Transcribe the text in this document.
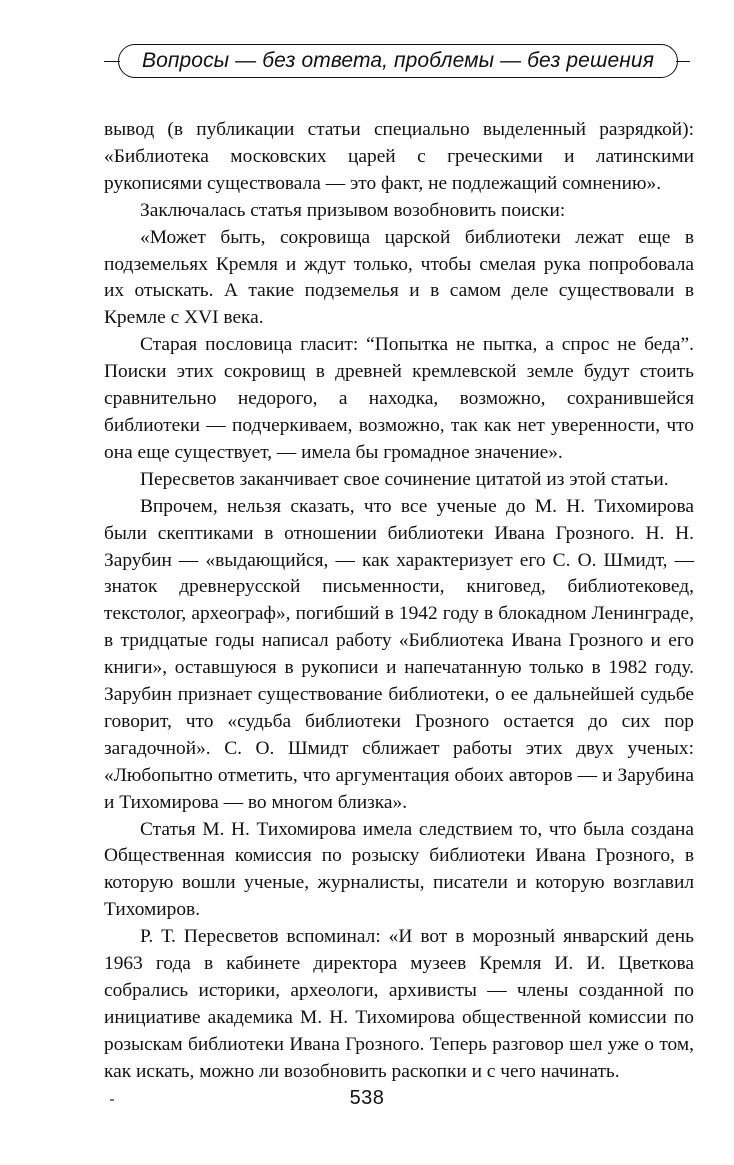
Вопросы — без ответа, проблемы — без решения

вывод (в публикации статьи специально выделенный разрядкой): «Библиотека московских царей с греческими и латинскими рукописями существовала — это факт, не подлежащий сомнению».

Заключалась статья призывом возобновить поиски:

«Может быть, сокровища царской библиотеки лежат еще в подземельях Кремля и ждут только, чтобы смелая рука попробовала их отыскать. А такие подземелья и в самом деле существовали в Кремле с XVI века.

Старая пословица гласит: “Попытка не пытка, а спрос не беда”. Поиски этих сокровищ в древней кремлевской земле будут стоить сравнительно недорого, а находка, возможно, сохранившейся библиотеки — подчеркиваем, возможно, так как нет уверенности, что она еще существует, — имела бы громадное значение».

Пересветов заканчивает свое сочинение цитатой из этой статьи.

Впрочем, нельзя сказать, что все ученые до М. Н. Тихомирова были скептиками в отношении библиотеки Ивана Грозного. Н. Н. Зарубин — «выдающийся, — как характеризует его С. О. Шмидт, — знаток древнерусской письменности, книговед, библиотековед, текстолог, археограф», погибший в 1942 году в блокадном Ленинграде, в тридцатые годы написал работу «Библиотека Ивана Грозного и его книги», оставшуюся в рукописи и напечатанную только в 1982 году. Зарубин признает существование библиотеки, о ее дальнейшей судьбе говорит, что «судьба библиотеки Грозного остается до сих пор загадочной». С. О. Шмидт сближает работы этих двух ученых: «Любопытно отметить, что аргументация обоих авторов — и Зарубина и Тихомирова — во многом близка».

Статья М. Н. Тихомирова имела следствием то, что была создана Общественная комиссия по розыску библиотеки Ивана Грозного, в которую вошли ученые, журналисты, писатели и которую возглавил Тихомиров.

Р. Т. Пересветов вспоминал: «И вот в морозный январский день 1963 года в кабинете директора музеев Кремля И. И. Цветкова собрались историки, археологи, архивисты — члены созданной по инициативе академика М. Н. Тихомирова общественной комиссии по розыскам библиотеки Ивана Грозного. Теперь разговор шел уже о том, как искать, можно ли возобновить раскопки и с чего начинать.

538
